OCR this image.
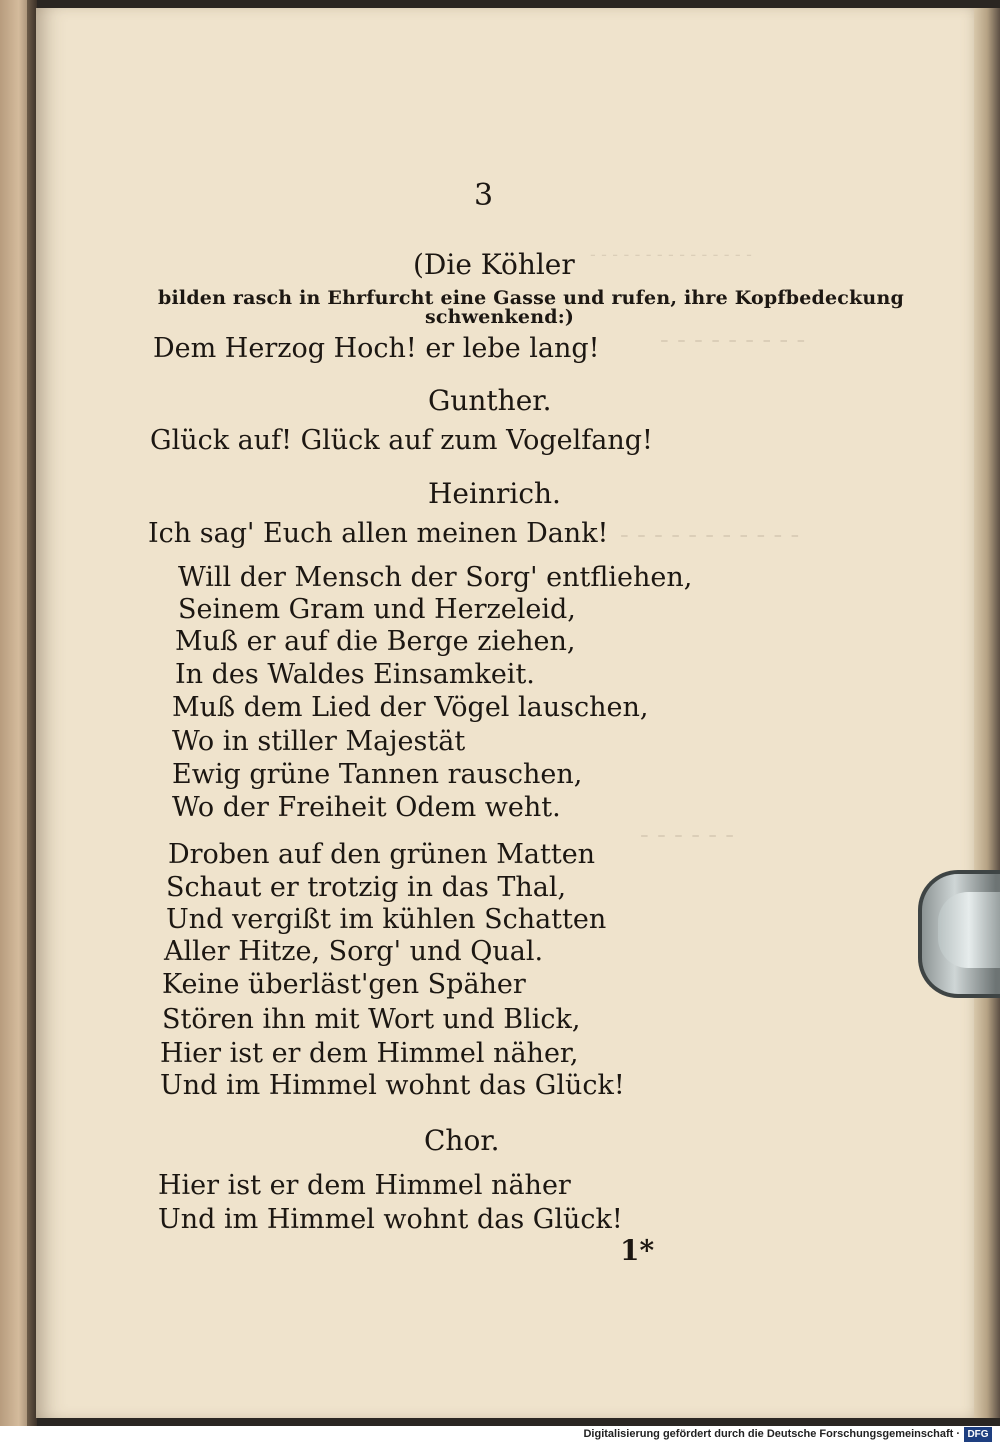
- - - - - - - - - - - - - - -
- - - - - - - - -
- - - - - - - - - - -
- - - - - -
3
(Die Köhler
bilden rasch in Ehrfurcht eine Gasse und rufen, ihre Kopfbedeckung
schwenkend:)
Dem Herzog Hoch! er lebe lang!
Gunther.
Glück auf! Glück auf zum Vogelfang!
Heinrich.
Ich sag' Euch allen meinen Dank!
Will der Mensch der Sorg' entfliehen,
Seinem Gram und Herzeleid,
Muß er auf die Berge ziehen,
In des Waldes Einsamkeit.
Muß dem Lied der Vögel lauschen,
Wo in stiller Majestät
Ewig grüne Tannen rauschen,
Wo der Freiheit Odem weht.
Droben auf den grünen Matten
Schaut er trotzig in das Thal,
Und vergißt im kühlen Schatten
Aller Hitze, Sorg' und Qual.
Keine überläst'gen Späher
Stören ihn mit Wort und Blick,
Hier ist er dem Himmel näher,
Und im Himmel wohnt das Glück!
Chor.
Hier ist er dem Himmel näher
Und im Himmel wohnt das Glück!
1*
Digitalisierung gefördert durch die Deutsche Forschungsgemeinschaft · DFG
